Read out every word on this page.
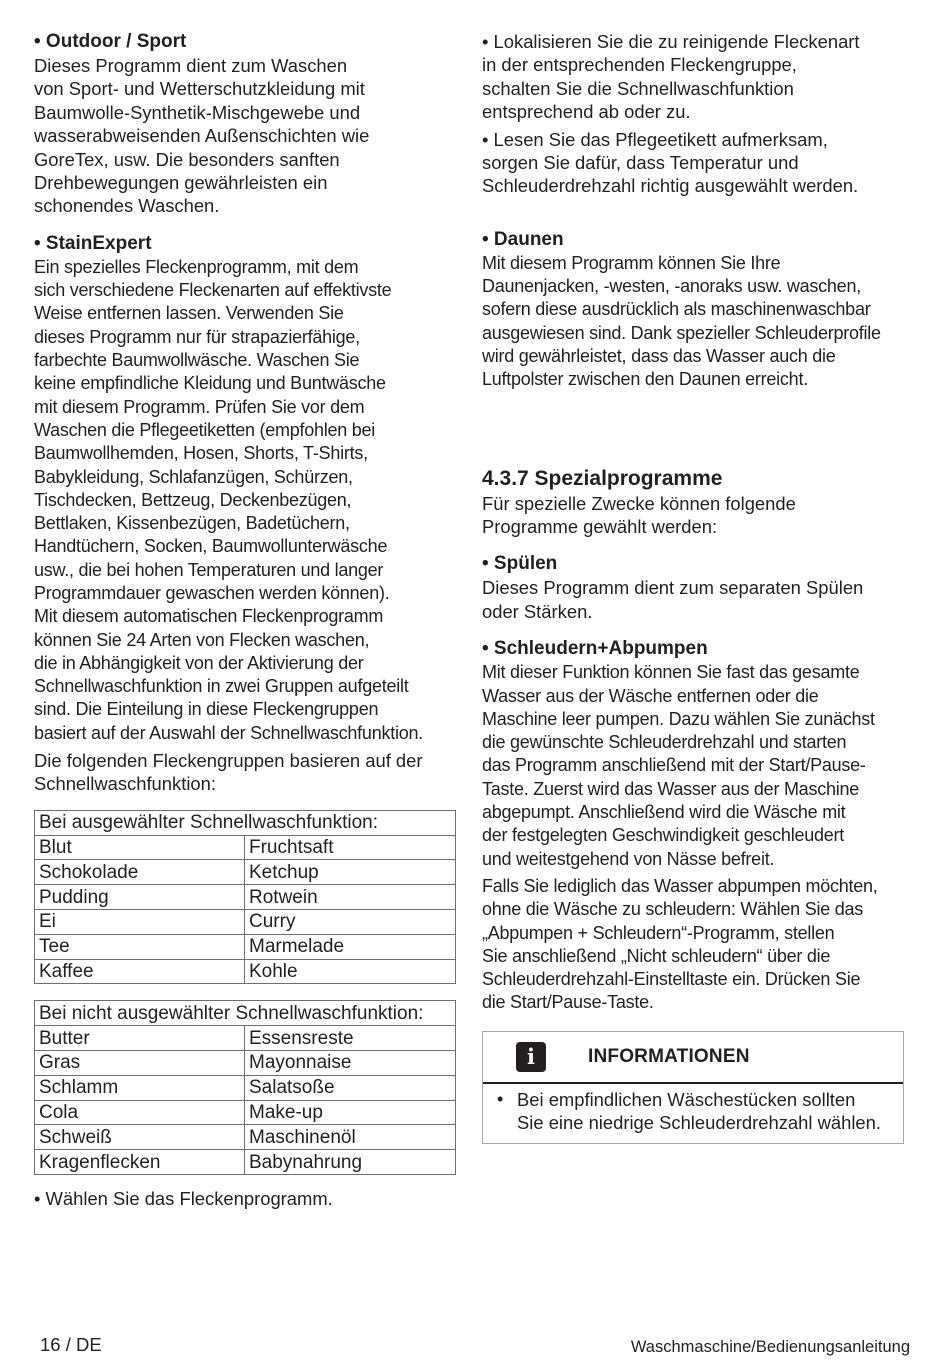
• Outdoor / Sport

Dieses Programm dient zum Waschen
von Sport- und Wetterschutzkleidung mit
Baumwolle-Synthetik-Mischgewebe und
wasserabweisenden Außenschichten wie
GoreTex, usw. Die besonders sanften
Drehbewegungen gewährleisten ein
schonendes Waschen.

• StainExpert

Ein spezielles Fleckenprogramm, mit dem
sich verschiedene Fleckenarten auf effektivste
Weise entfernen lassen. Verwenden Sie
dieses Programm nur für strapazierfähige,
farbechte Baumwollwäsche. Waschen Sie
keine empfindliche Kleidung und Buntwäsche
mit diesem Programm. Prüfen Sie vor dem
Waschen die Pflegeetiketten (empfohlen bei
Baumwollhemden, Hosen, Shorts, T-Shirts,
Babykleidung, Schlafanzügen, Schürzen,
Tischdecken, Bettzeug, Deckenbezügen,
Bettlaken, Kissenbezügen, Badetüchern,
Handtüchern, Socken, Baumwollunterwäsche
usw., die bei hohen Temperaturen und langer
Programmdauer gewaschen werden können).
Mit diesem automatischen Fleckenprogramm
können Sie 24 Arten von Flecken waschen,
die in Abhängigkeit von der Aktivierung der
Schnellwaschfunktion in zwei Gruppen aufgeteilt
sind. Die Einteilung in diese Fleckengruppen
basiert auf der Auswahl der Schnellwaschfunktion.
Die folgenden Fleckengruppen basieren auf der
Schnellwaschfunktion:
Bei ausgewählter Schnellwaschfunktion:	
Blut	Fruchtsaft
Schokolade	Ketchup
Pudding	Rotwein
Ei	Curry
Tee	Marmelade
Kaffee	Kohle
Bei nicht ausgewählter Schnellwaschfunktion:	
Butter	Essensreste
Gras	Mayonnaise
Schlamm	Salatsoße
Cola	Make-up
Schweiß	Maschinenöl
Kragenflecken	Babynahrung

• Wählen Sie das Fleckenprogramm.

• Lokalisieren Sie die zu reinigende Fleckenart
in der entsprechenden Fleckengruppe,
schalten Sie die Schnellwaschfunktion
entsprechend ab oder zu.
• Lesen Sie das Pflegeetikett aufmerksam,
sorgen Sie dafür, dass Temperatur und
Schleuderdrehzahl richtig ausgewählt werden.

• Daunen

Mit diesem Programm können Sie Ihre
Daunenjacken, -westen, -anoraks usw. waschen,
sofern diese ausdrücklich als maschinenwaschbar
ausgewiesen sind. Dank spezieller Schleuderprofile
wird gewährleistet, dass das Wasser auch die
Luftpolster zwischen den Daunen erreicht.

4.3.7 Spezialprogramme

Für spezielle Zwecke können folgende
Programme gewählt werden:

• Spülen

Dieses Programm dient zum separaten Spülen
oder Stärken.

• Schleudern+Abpumpen

Mit dieser Funktion können Sie fast das gesamte
Wasser aus der Wäsche entfernen oder die
Maschine leer pumpen. Dazu wählen Sie zunächst
die gewünschte Schleuderdrehzahl und starten
das Programm anschließend mit der Start/Pause-
Taste. Zuerst wird das Wasser aus der Maschine
abgepumpt. Anschließend wird die Wäsche mit
der festgelegten Geschwindigkeit geschleudert
und weitestgehend von Nässe befreit.
Falls Sie lediglich das Wasser abpumpen möchten,
ohne die Wäsche zu schleudern: Wählen Sie das
„Abpumpen + Schleudern“-Programm, stellen
Sie anschließend „Nicht schleudern“ über die
Schleuderdrehzahl-Einstelltaste ein. Drücken Sie
die Start/Pause-Taste.
i	INFORMATIONEN
• Bei empfindlichen Wäschestücken sollten
Sie eine niedrige Schleuderdrehzahl wählen.
16 / DE	Waschmaschine/Bedienungsanleitung
